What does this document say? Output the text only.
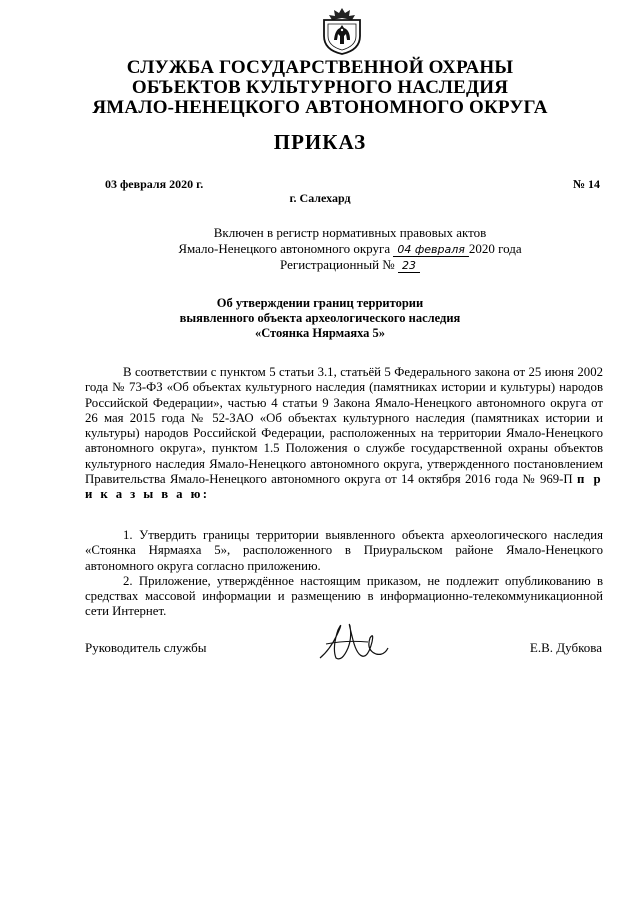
СЛУЖБА ГОСУДАРСТВЕННОЙ ОХРАНЫ
ОБЪЕКТОВ КУЛЬТУРНОГО НАСЛЕДИЯ
ЯМАЛО-НЕНЕЦКОГО АВТОНОМНОГО ОКРУГА
ПРИКАЗ
03 февраля 2020 г.	№ 14
г. Салехард
Включен в регистр нормативных правовых актов
Ямало-Ненецкого автономного округа 04 февраля 2020 года
Регистрационный № 23
Об утверждении границ территории
выявленного объекта археологического наследия
«Стоянка Нярмаяха 5»

В соответствии с пунктом 5 статьи 3.1, статьёй 5 Федерального закона от 25 июня 2002 года № 73-ФЗ «Об объектах культурного наследия (памятниках истории и культуры) народов Российской Федерации», частью 4 статьи 9 Закона Ямало-Ненецкого автономного округа от 26 мая 2015 года № 52-ЗАО «Об объектах культурного наследия (памятниках истории и культуры) народов Российской Федерации, расположенных на территории Ямало-Ненецкого автономного округа», пунктом 1.5 Положения о службе государственной охраны объектов культурного наследия Ямало-Ненецкого автономного округа, утвержденного постановлением Правительства Ямало-Ненецкого автономного округа от 14 октября 2016 года № 969-П п р и к а з ы в а ю:

1. Утвердить границы территории выявленного объекта археологического наследия «Стоянка Нярмаяха 5», расположенного в Приуральском районе Ямало-Ненецкого автономного округа согласно приложению.

2. Приложение, утверждённое настоящим приказом, не подлежит опубликованию в средствах массовой информации и размещению в информационно-телекоммуникационной сети Интернет.

Руководитель службы	Е.В. Дубкова
